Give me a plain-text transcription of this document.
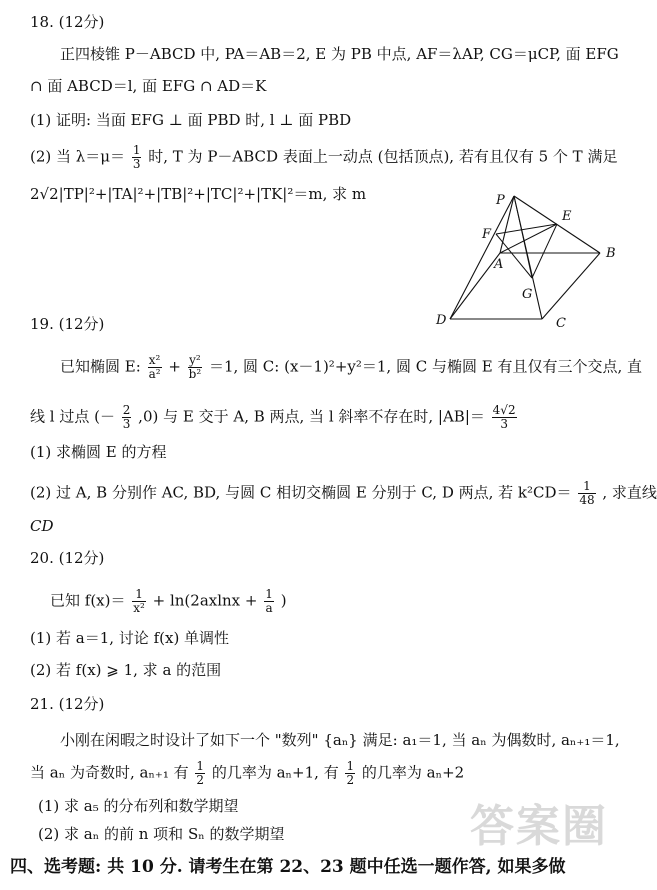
18. (12分)
正四棱锥 P－ABCD 中, PA＝AB＝2, E 为 PB 中点, AF＝λAP, CG＝μCP, 面 EFG
∩ 面 ABCD＝l, 面 EFG ∩ AD＝K
(1) 证明: 当面 EFG ⊥ 面 PBD 时, l ⊥ 面 PBD
(2) 当 $\lambda=\mu= \frac{1}{3}$ 时, T 为 P－ABCD 表面上一动点 (包括顶点), 若有且仅有 5 个 T 满足
2√2|TP|²+|TA|²+|TB|²+|TC|²+|TK|²＝m, 求 m	P
E
F
A
B
G
D	C
19. (12分)
已知椭圆 E: $\frac{\text{x²}}{\text{a²}} + \frac{\text{y²}}{\text{b²}} =1$, 圆 C: (x－1)²+y²＝1, 圆 C 与椭圆 E 有且仅有三个交点, 直
线 l 过点 (－ $\frac{2}{3} ,0$) 与 E 交于 A, B 两点, 当 l 斜率不存在时, $|AB|= \frac{4√2}{3}$
(1) 求椭圆 E 的方程
(2) 过 A, B 分别作 AC, BD, 与圆 C 相切交椭圆 E 分别于 C, D 两点, 若 $k^2CD= \frac{1}{48}$ , 求直线
CD
20. (12分)
已知 $f(x)= \frac{1}{\text{x²}} + \ln(2axlnx + \frac{1}{a}$ )
(1) 若 a＝1, 讨论 f(x) 单调性
(2) 若 f(x) ⩾ 1, 求 a 的范围
21. (12分)
小刚在闲暇之时设计了如下一个 "数列" {aₙ} 满足: a₁＝1, 当 aₙ 为偶数时, aₙ₊₁＝1,
当 aₙ 为奇数时, aₙ₊₁ 有 $\frac{1}{2}$ 的几率为 aₙ+1, 有 $\frac{1}{2}$ 的几率为 aₙ+2
(1) 求 a₅ 的分布列和数学期望
(2) 求 aₙ 的前 n 项和 Sₙ 的数学期望
四、选考题: 共 10 分. 请考生在第 22、23 题中任选一题作答, 如果多做
答案圈
